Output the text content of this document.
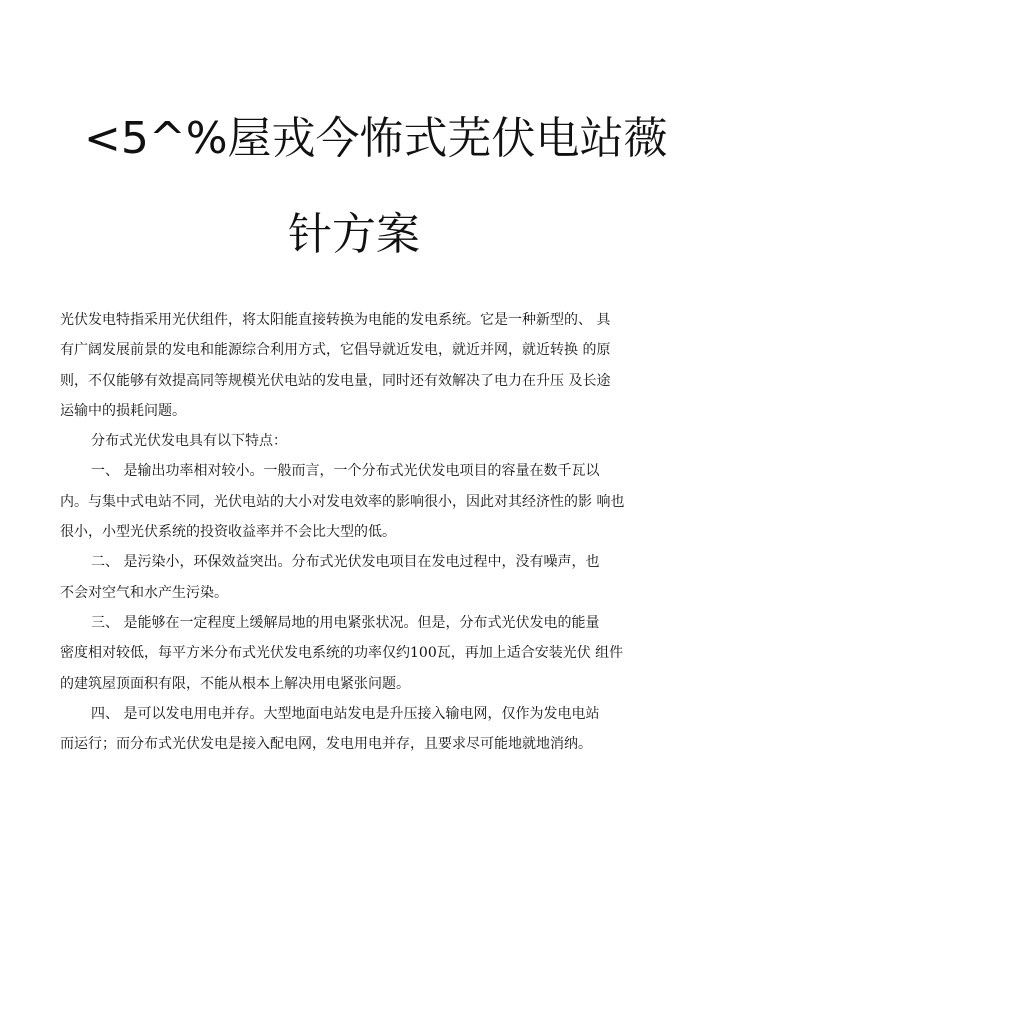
<5^%屋戎今怖式芜伏电站薇
针方案
光伏发电特指采用光伏组件，将太阳能直接转换为电能的发电系统。它是一种新型的、 具
有广阔发展前景的发电和能源综合利用方式，它倡导就近发电，就近并网，就近转换 的原
则，不仅能够有效提高同等规模光伏电站的发电量，同时还有效解决了电力在升压 及长途
运输中的损耗问题。
分布式光伏发电具有以下特点：
一、 是输出功率相对较小。一般而言，一个分布式光伏发电项目的容量在数千瓦以
内。与集中式电站不同，光伏电站的大小对发电效率的影响很小，因此对其经济性的影 响也
很小，小型光伏系统的投资收益率并不会比大型的低。
二、 是污染小，环保效益突出。分布式光伏发电项目在发电过程中，没有噪声，也
不会对空气和水产生污染。
三、 是能够在一定程度上缓解局地的用电紧张状况。但是，分布式光伏发电的能量
密度相对较低，每平方米分布式光伏发电系统的功率仅约100瓦，再加上适合安装光伏 组件
的建筑屋顶面积有限，不能从根本上解决用电紧张问题。
四、 是可以发电用电并存。大型地面电站发电是升压接入输电网，仅作为发电电站
而运行；而分布式光伏发电是接入配电网，发电用电并存，且要求尽可能地就地消纳。
